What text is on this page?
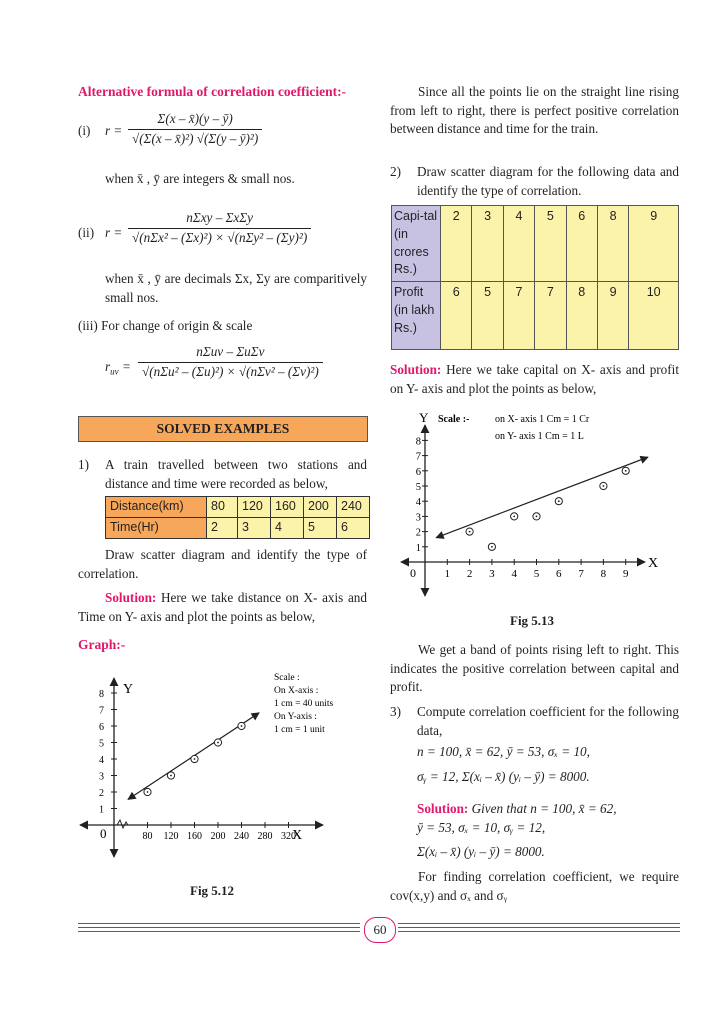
Alternative formula of correlation coefficient:-
(i) $r = \frac{\Sigma(x - x̄)(y - ȳ)}{\text{√(Σ(x – x̄)²) √(Σ(y – ȳ)²)}}$
when x̄ , ȳ are integers & small nos.
(ii) $r = \frac{\text{nΣxy – ΣxΣy}}{\text{√(nΣx² – (Σx)²) × √(nΣy² – (Σy)²)}}$
when x̄ , ȳ are decimals Σx, Σy are comparitively small nos.
(iii) For change of origin & scale
$r_{uv} = \frac{\text{nΣuv – ΣuΣv}}{\text{√(nΣu² – (Σu)²) × √(nΣv² – (Σv)²)}}$
SOLVED EXAMPLES
1) A train travelled between two stations and distance and time were recorded as below,
Distance(km)	80	120	160	200	240
Time(Hr)	2	3	4	5	6
Draw scatter diagram and identify the type of correlation.
Solution: Here we take distance on X- axis and Time on Y- axis and plot the points as below,
Graph:-
X
Y
0	80 120 160 200 240 280 320
1
2
3
4
5
6
7
8
Scale :
On X-axis :
1 cm = 40 units
On Y-axis :
1 cm = 1 unit
Fig 5.12
Since all the points lie on the straight line rising from left to right, there is perfect positive correlation between distance and time for the train.
2) Draw scatter diagram for the following data and identify the type of correlation.
Capi-tal (in crores Rs.)	2	3	4	5	6	8	9
Profit (in lakh Rs.)	6	5	7	7	8	9	10
Solution: Here we take capital on X- axis and profit on Y- axis and plot the points as below,
X
Y
0	1 2 3 4 5 6 7 8 9
1
2
3
4
5
6
7
8
Scale :-	on X- axis 1 Cm = 1 Cr
on Y- axis 1 Cm = 1 L
Fig 5.13
We get a band of points rising left to right. This indicates the positive correlation between capital and profit.
3) Compute correlation coefficient for the following data,
n = 100, x̄ = 62, ȳ = 53, σₓ = 10,
σᵧ = 12, Σ(xᵢ – x̄) (yᵢ – ȳ) = 8000.
Solution: Given that n = 100, x̄ = 62,
ȳ = 53, σₓ = 10, σᵧ = 12,
Σ(xᵢ – x̄) (yᵢ – ȳ) = 8000.
For finding correlation coefficient, we require cov(x,y) and σₓ and σᵧ
60
